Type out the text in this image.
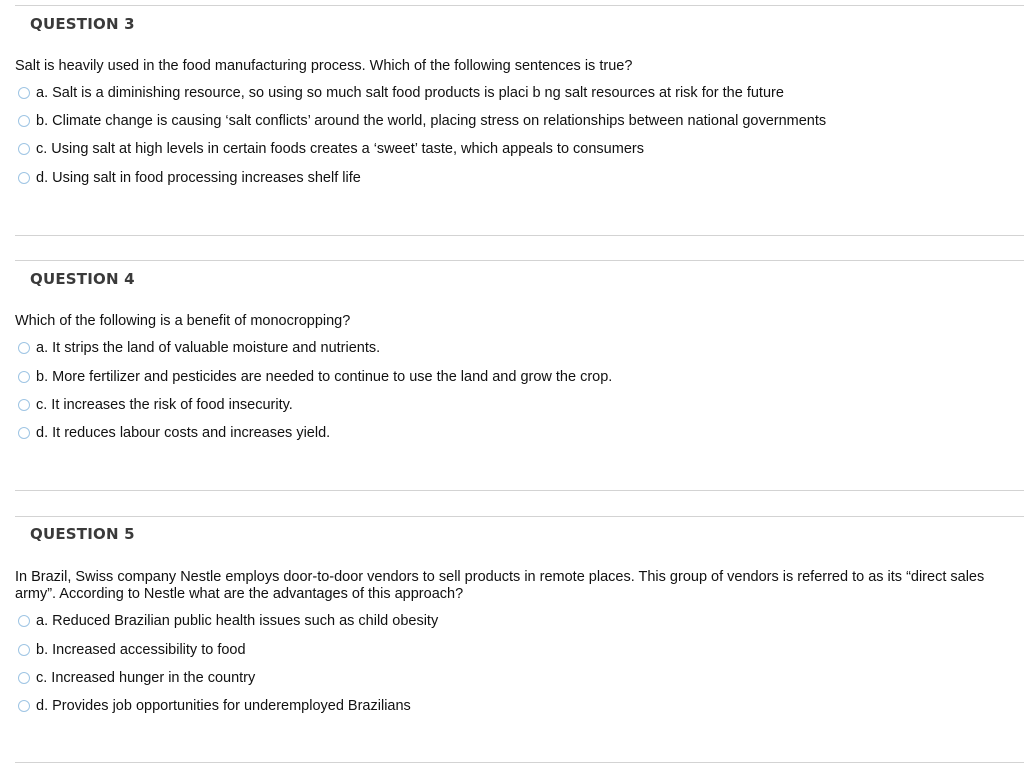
QUESTION 3
Salt is heavily used in the food manufacturing process. Which of the following sentences is true?
a. Salt is a diminishing resource, so using so much salt food products is placi b ng salt resources at risk for the future
b. Climate change is causing ‘salt conflicts’ around the world, placing stress on relationships between national governments
c. Using salt at high levels in certain foods creates a ‘sweet’ taste, which appeals to consumers
d. Using salt in food processing increases shelf life
QUESTION 4
Which of the following is a benefit of monocropping?
a. It strips the land of valuable moisture and nutrients.
b. More fertilizer and pesticides are needed to continue to use the land and grow the crop.
c. It increases the risk of food insecurity.
d. It reduces labour costs and increases yield.
QUESTION 5
In Brazil, Swiss company Nestle employs door-to-door vendors to sell products in remote places. This group of vendors is referred to as its “direct sales army”. According to Nestle what are the advantages of this approach?
a. Reduced Brazilian public health issues such as child obesity
b. Increased accessibility to food
c. Increased hunger in the country
d. Provides job opportunities for underemployed Brazilians
